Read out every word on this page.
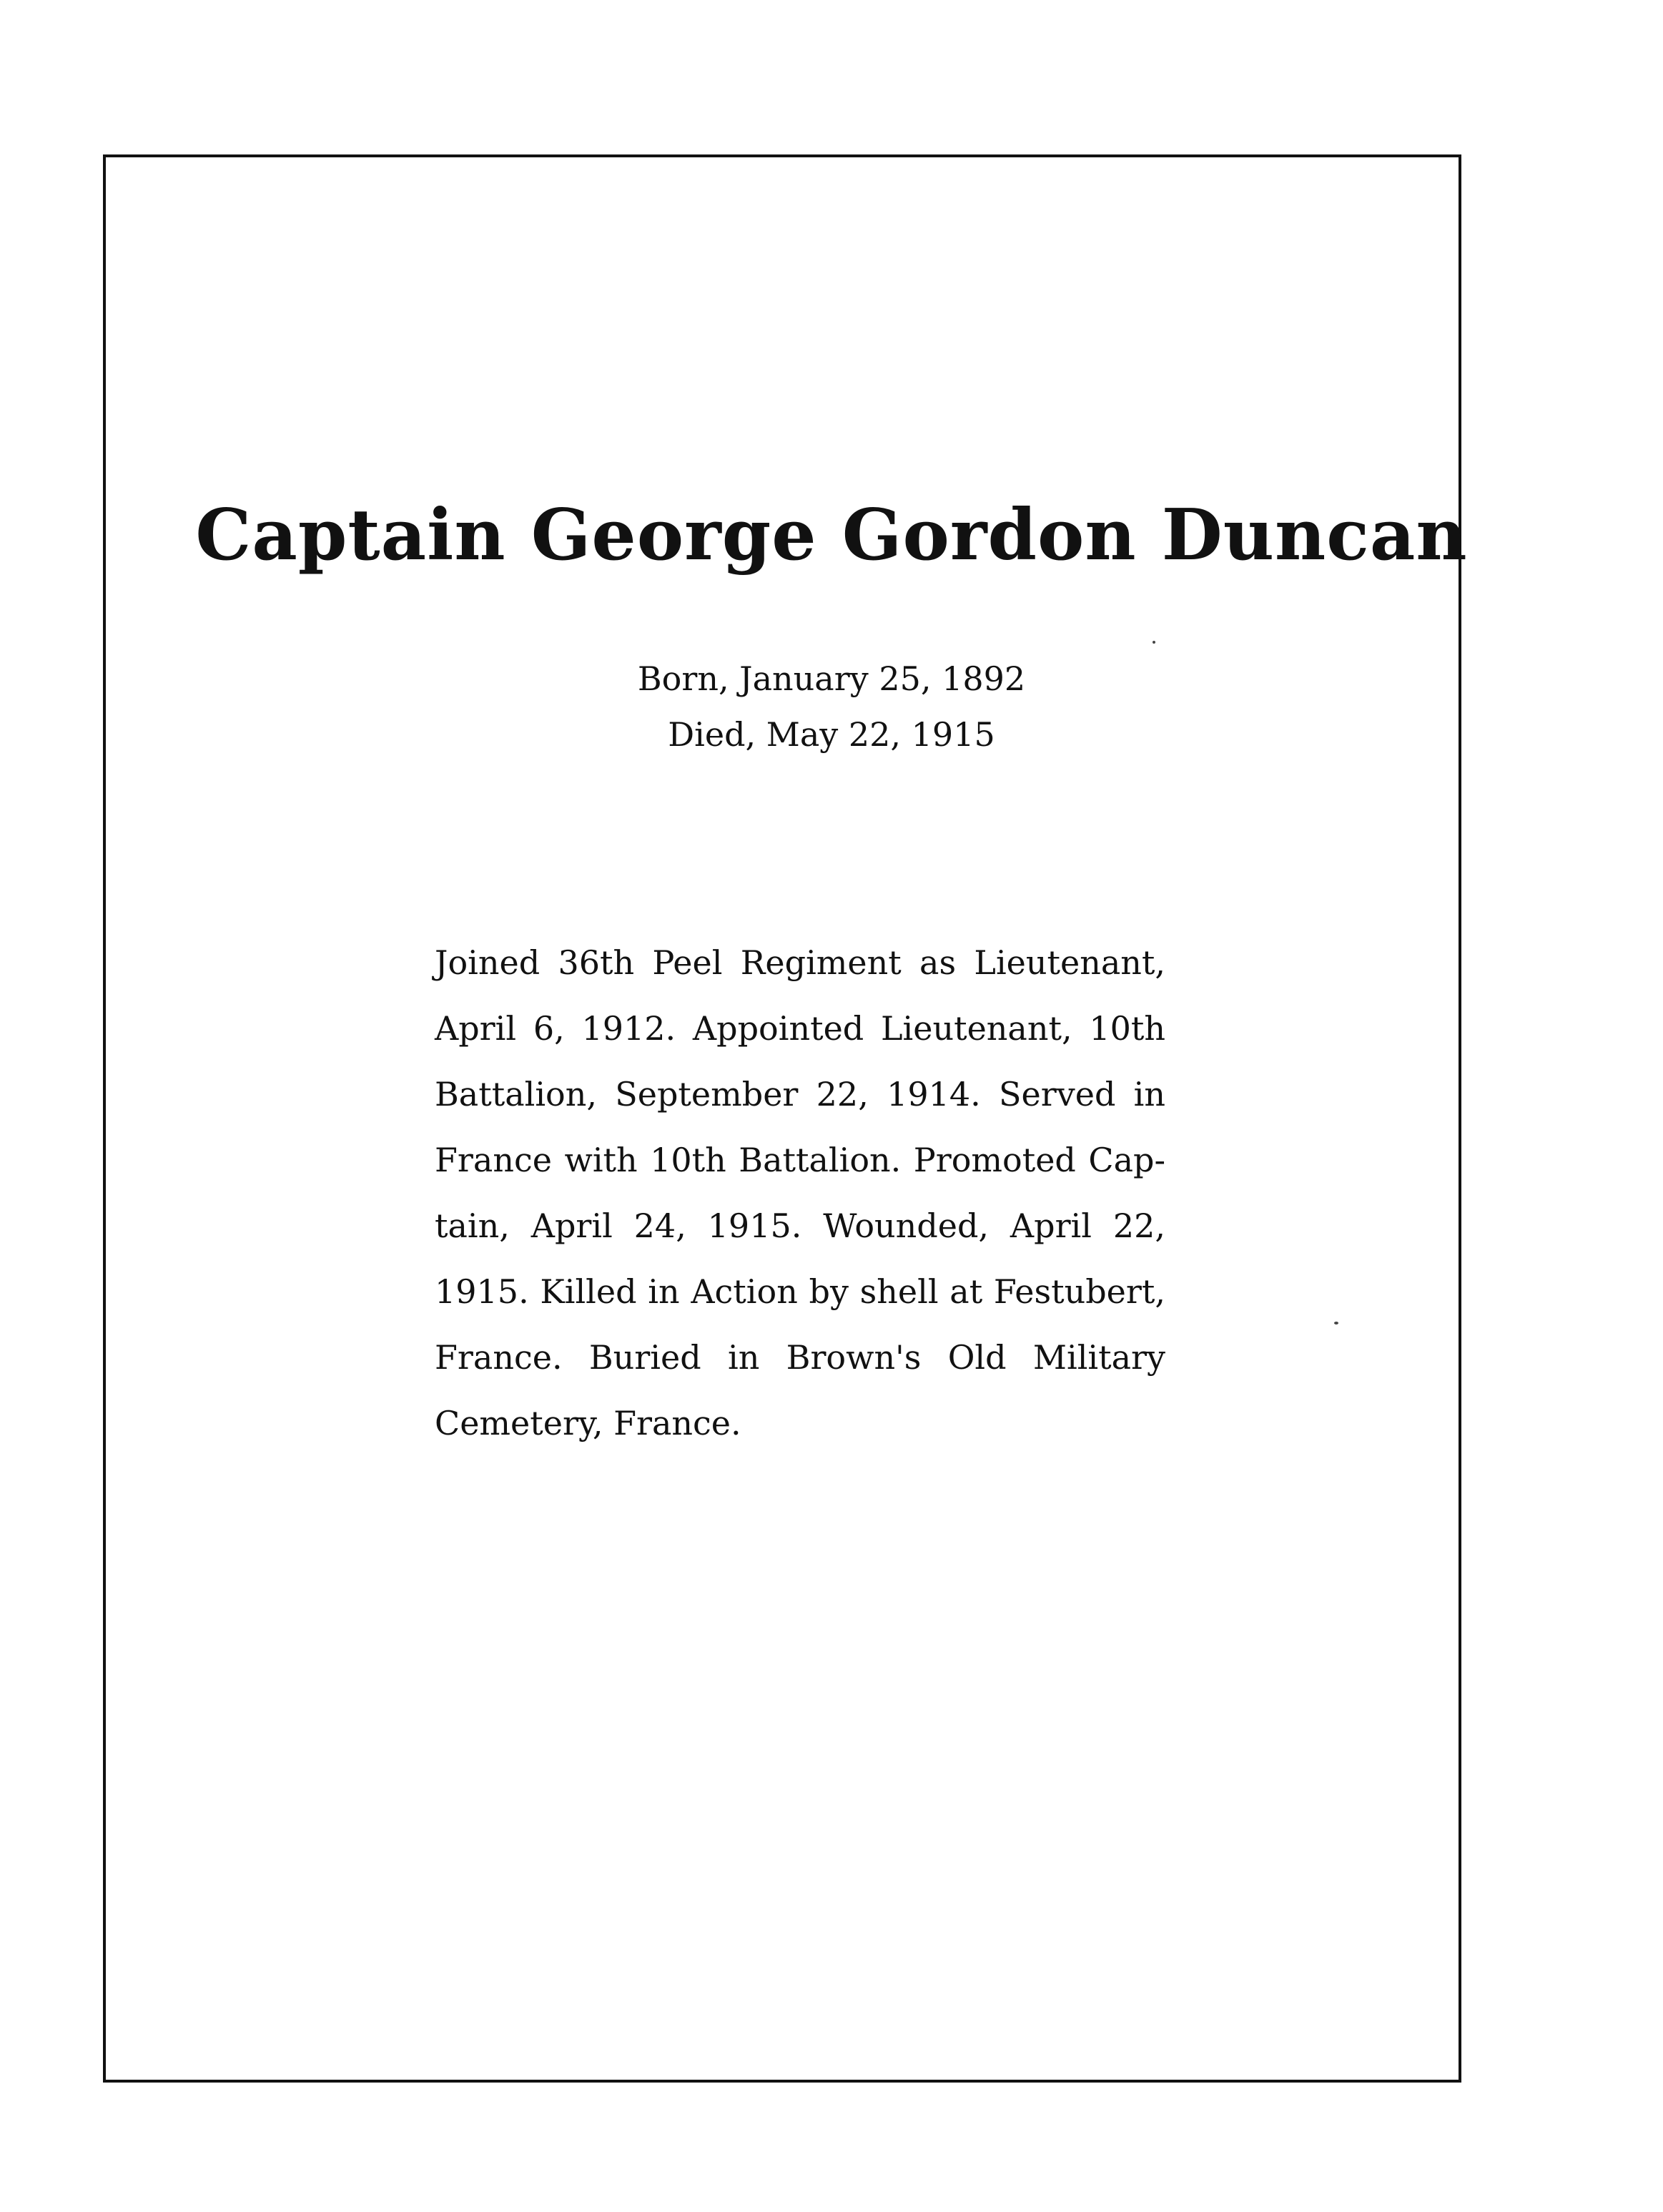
Captain George Gordon Duncan
Born, January 25, 1892
Died, May 22, 1915
Joined 36th Peel Regiment as Lieutenant,
April 6, 1912. Appointed Lieutenant, 10th
Battalion, September 22, 1914. Served in
France with 10th Battalion. Promoted Cap-
tain, April 24, 1915. Wounded, April 22,
1915. Killed in Action by shell at Festubert,
France. Buried in Brown's Old Military
Cemetery, France.
